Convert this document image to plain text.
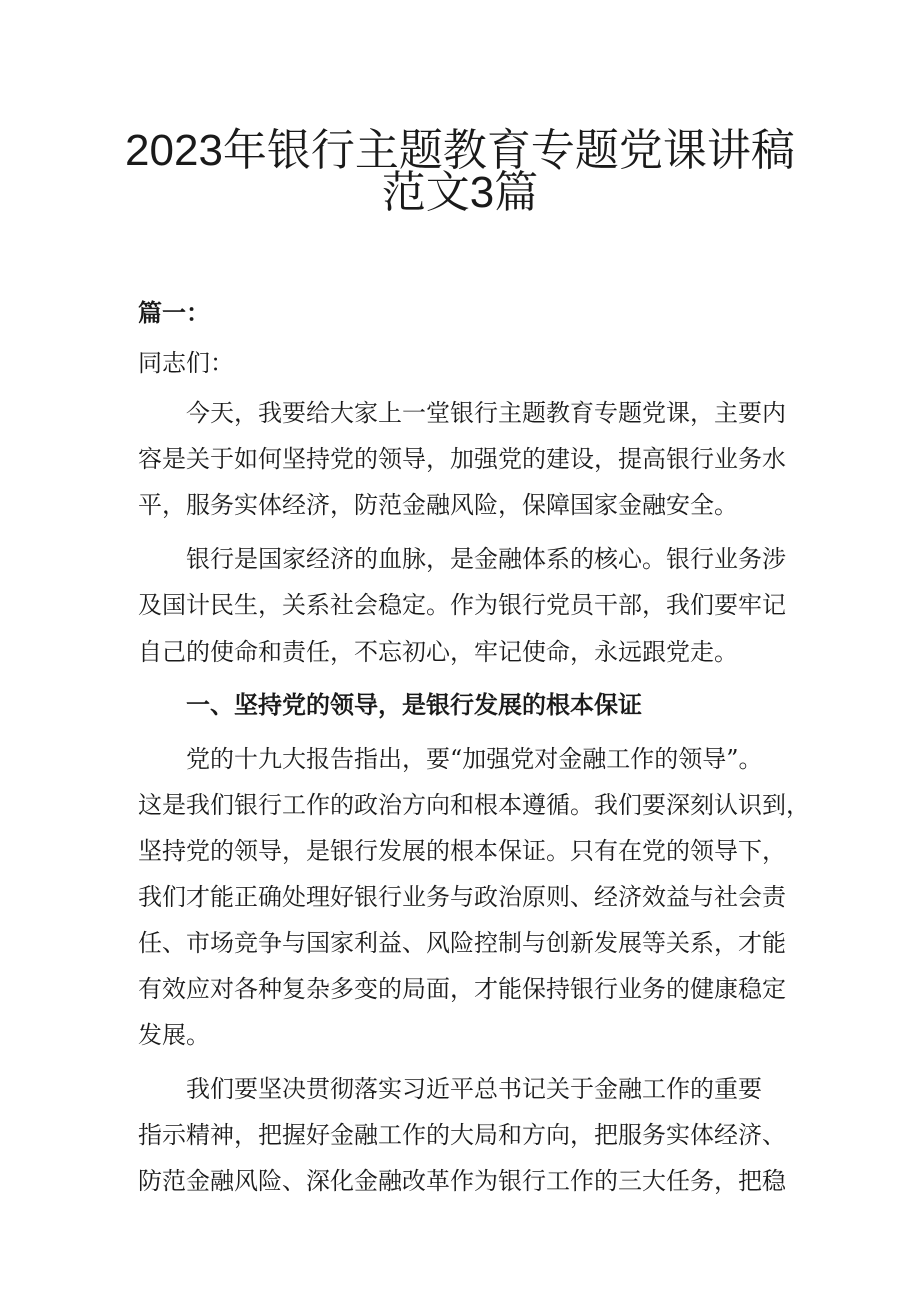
2023年银行主题教育专题党课讲稿
范文3篇

篇一：

同志们：

今天，我要给大家上一堂银行主题教育专题党课，主要内

容是关于如何坚持党的领导，加强党的建设，提高银行业务水

平，服务实体经济，防范金融风险，保障国家金融安全。

银行是国家经济的血脉，是金融体系的核心。银行业务涉

及国计民生，关系社会稳定。作为银行党员干部，我们要牢记

自己的使命和责任，不忘初心，牢记使命，永远跟党走。

一、坚持党的领导，是银行发展的根本保证

党的十九大报告指出，要“加强党对金融工作的领导”。

这是我们银行工作的政治方向和根本遵循。我们要深刻认识到，

坚持党的领导，是银行发展的根本保证。只有在党的领导下，

我们才能正确处理好银行业务与政治原则、经济效益与社会责

任、市场竞争与国家利益、风险控制与创新发展等关系，才能

有效应对各种复杂多变的局面，才能保持银行业务的健康稳定

发展。

我们要坚决贯彻落实习近平总书记关于金融工作的重要

指示精神，把握好金融工作的大局和方向，把服务实体经济、

防范金融风险、深化金融改革作为银行工作的三大任务，把稳
